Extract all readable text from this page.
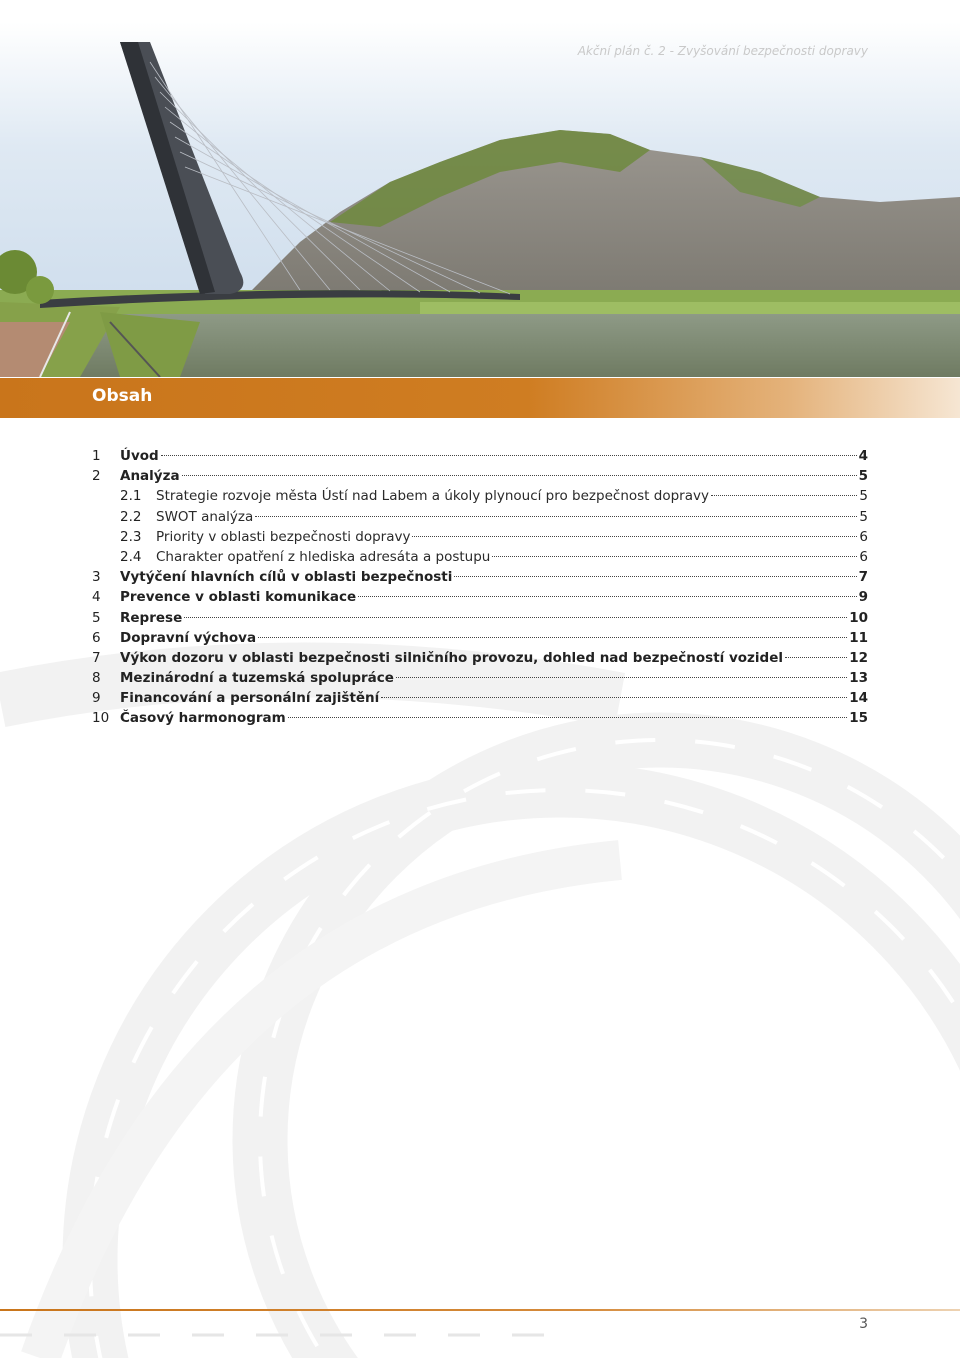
Akční plán č. 2 - Zvyšování bezpečnosti dopravy
Obsah
1	Úvod	4
2	Analýza	5
2.1	Strategie rozvoje města Ústí nad Labem a úkoly plynoucí pro bezpečnost dopravy	5
2.2	SWOT analýza	5
2.3	Priority v oblasti bezpečnosti dopravy	6
2.4	Charakter opatření z hlediska adresáta a postupu	6
3	Vytýčení hlavních cílů v oblasti bezpečnosti	7
4	Prevence v oblasti komunikace	9
5	Represe	10
6	Dopravní výchova	11
7	Výkon dozoru v oblasti bezpečnosti silničního provozu, dohled nad bezpečností vozidel	12
8	Mezinárodní a tuzemská spolupráce	13
9	Financování a personální zajištění	14
10 Časový harmonogram	15
3
